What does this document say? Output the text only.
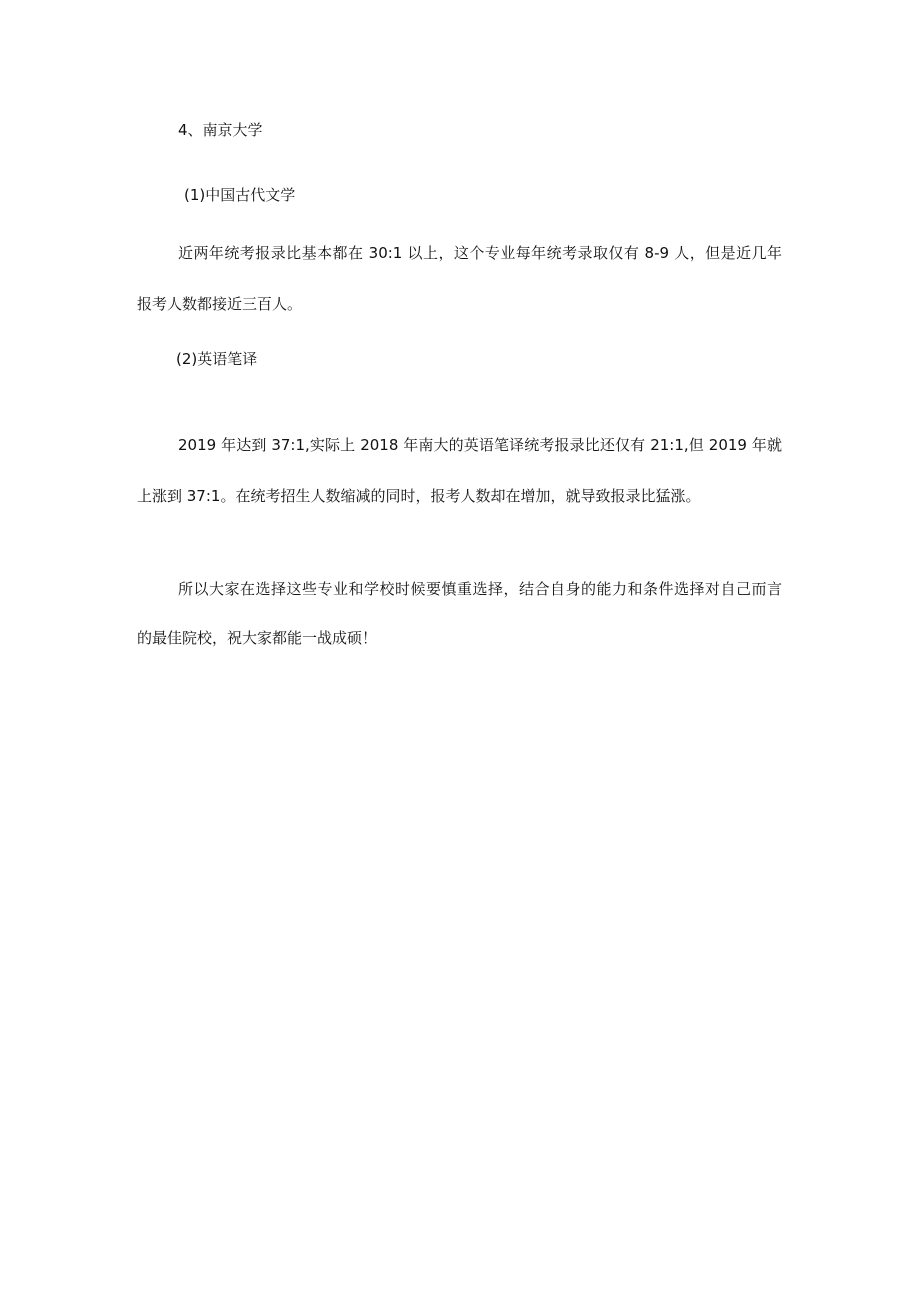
4、南京大学
(1)中国古代文学
近两年统考报录比基本都在 30:1 以上，这个专业每年统考录取仅有 8-9 人，但是近几年
报考人数都接近三百人。
(2)英语笔译
2019 年达到 37:1,实际上 2018 年南大的英语笔译统考报录比还仅有 21:1,但 2019 年就
上涨到 37:1。在统考招生人数缩减的同时，报考人数却在增加，就导致报录比猛涨。
所以大家在选择这些专业和学校时候要慎重选择，结合自身的能力和条件选择对自己而言
的最佳院校，祝大家都能一战成硕！
